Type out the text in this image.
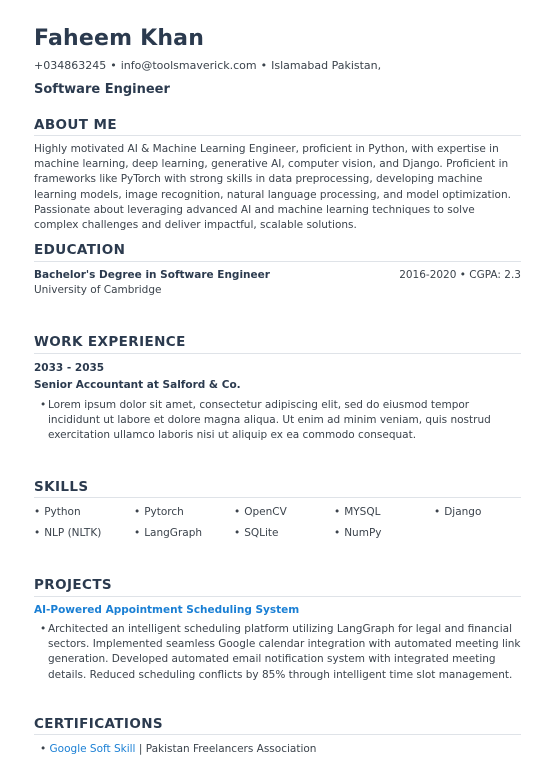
Faheem Khan
+034863245 • info@toolsmaverick.com • Islamabad Pakistan,
Software Engineer
ABOUT ME
Highly motivated AI & Machine Learning Engineer, proficient in Python, with expertise in machine learning, deep learning, generative AI, computer vision, and Django. Proficient in frameworks like PyTorch with strong skills in data preprocessing, developing machine learning models, image recognition, natural language processing, and model optimization. Passionate about leveraging advanced AI and machine learning techniques to solve complex challenges and deliver impactful, scalable solutions.
EDUCATION
Bachelor's Degree in Software Engineer	2016-2020 • CGPA: 2.3
University of Cambridge
WORK EXPERIENCE
2033 - 2035
Senior Accountant at Salford & Co.
• Lorem ipsum dolor sit amet, consectetur adipiscing elit, sed do eiusmod tempor incididunt ut labore et dolore magna aliqua. Ut enim ad minim veniam, quis nostrud exercitation ullamco laboris nisi ut aliquip ex ea commodo consequat.
SKILLS
• Python	• Pytorch	• OpenCV	• MYSQL	• Django
• NLP (NLTK)	• LangGraph	• SQLite	• NumPy
PROJECTS
AI-Powered Appointment Scheduling System
• Architected an intelligent scheduling platform utilizing LangGraph for legal and financial sectors. Implemented seamless Google calendar integration with automated meeting link generation. Developed automated email notification system with integrated meeting details. Reduced scheduling conflicts by 85% through intelligent time slot management.
CERTIFICATIONS
• Google Soft Skill | Pakistan Freelancers Association
